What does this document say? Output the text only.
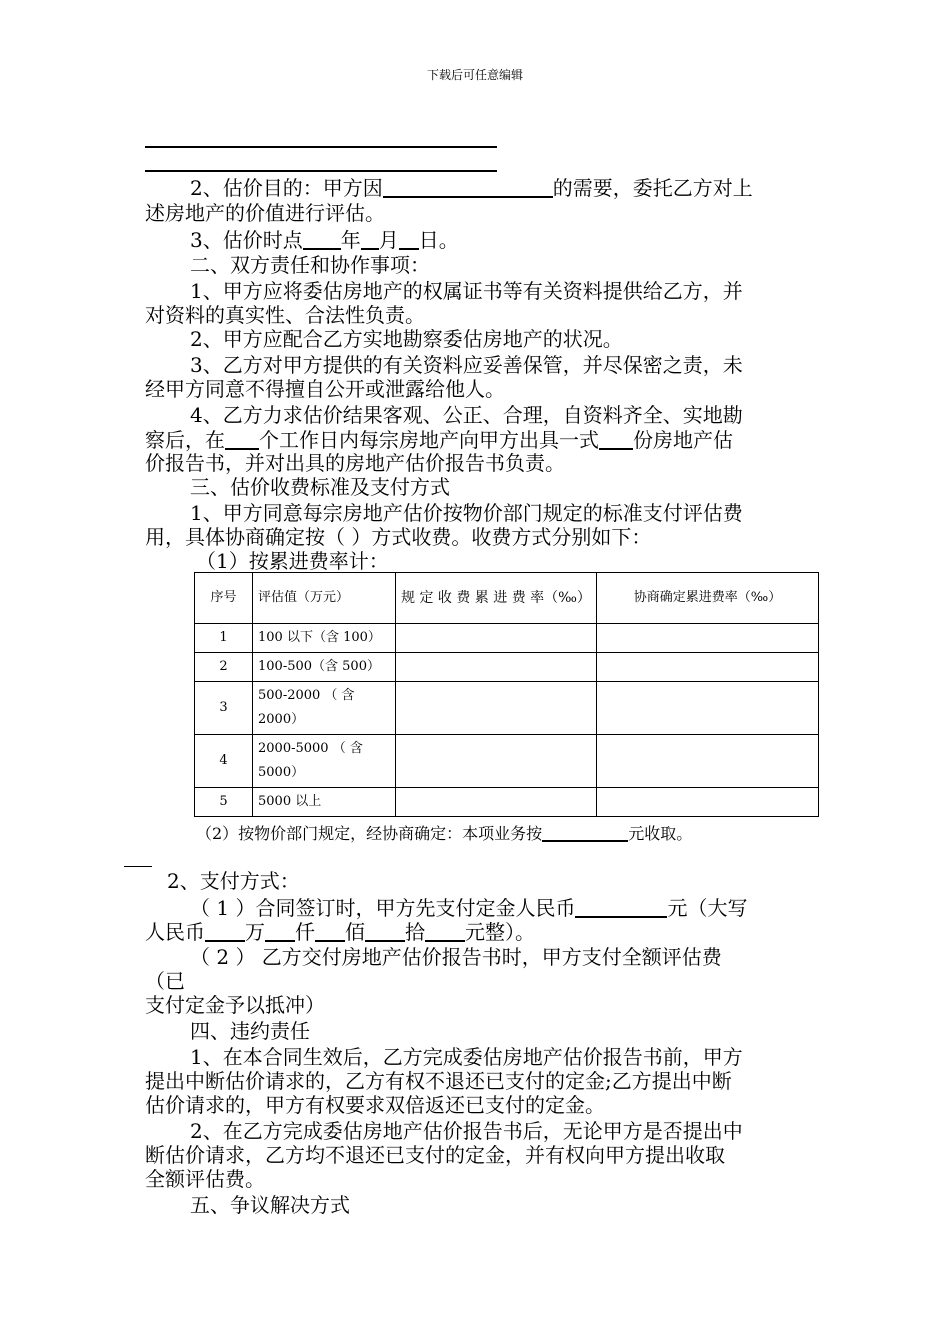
下载后可任意编辑
2、估价目的：甲方因	的需要，委托乙方对上
述房地产的价值进行评估。
3、估价时点 年 月 日。
二、双方责任和协作事项：
1、甲方应将委估房地产的权属证书等有关资料提供给乙方，并
对资料的真实性、合法性负责。
2、甲方应配合乙方实地勘察委估房地产的状况。
3、乙方对甲方提供的有关资料应妥善保管，并尽保密之责，未
经甲方同意不得擅自公开或泄露给他人。
4、乙方力求估价结果客观、公正、合理，自资料齐全、实地勘
察后，在 个工作日内每宗房地产向甲方出具一式 份房地产估
价报告书，并对出具的房地产估价报告书负责。
三、估价收费标准及支付方式
1、甲方同意每宗房地产估价按物价部门规定的标准支付评估费
用，具体协商确定按（ ）方式收费。收费方式分别如下：
（1）按累进费率计：
序号	评估值（万元）	规 定 收 费 累 进 费 率（‰）	协商确定累进费率（‰）
1	100 以下（含 100）		
2	100-500（含 500）		
3	500-2000 （ 含 2000）		
4	2000-5000 （ 含 5000）		
5	5000 以上		
（2）按物价部门规定，经协商确定：本项业务按	元收取。
2、支付方式：
（ 1 ）合同签订时，甲方先支付定金人民币	元（大写
人民币 万 仟 佰 拾 元整）。
（ 2 ） 乙方交付房地产估价报告书时，甲方支付全额评估费
（已
支付定金予以抵冲）
四、违约责任
1、在本合同生效后，乙方完成委估房地产估价报告书前，甲方
提出中断估价请求的，乙方有权不退还已支付的定金;乙方提出中断
估价请求的，甲方有权要求双倍返还已支付的定金。
2、在乙方完成委估房地产估价报告书后，无论甲方是否提出中
断估价请求，乙方均不退还已支付的定金，并有权向甲方提出收取
全额评估费。
五、争议解决方式
